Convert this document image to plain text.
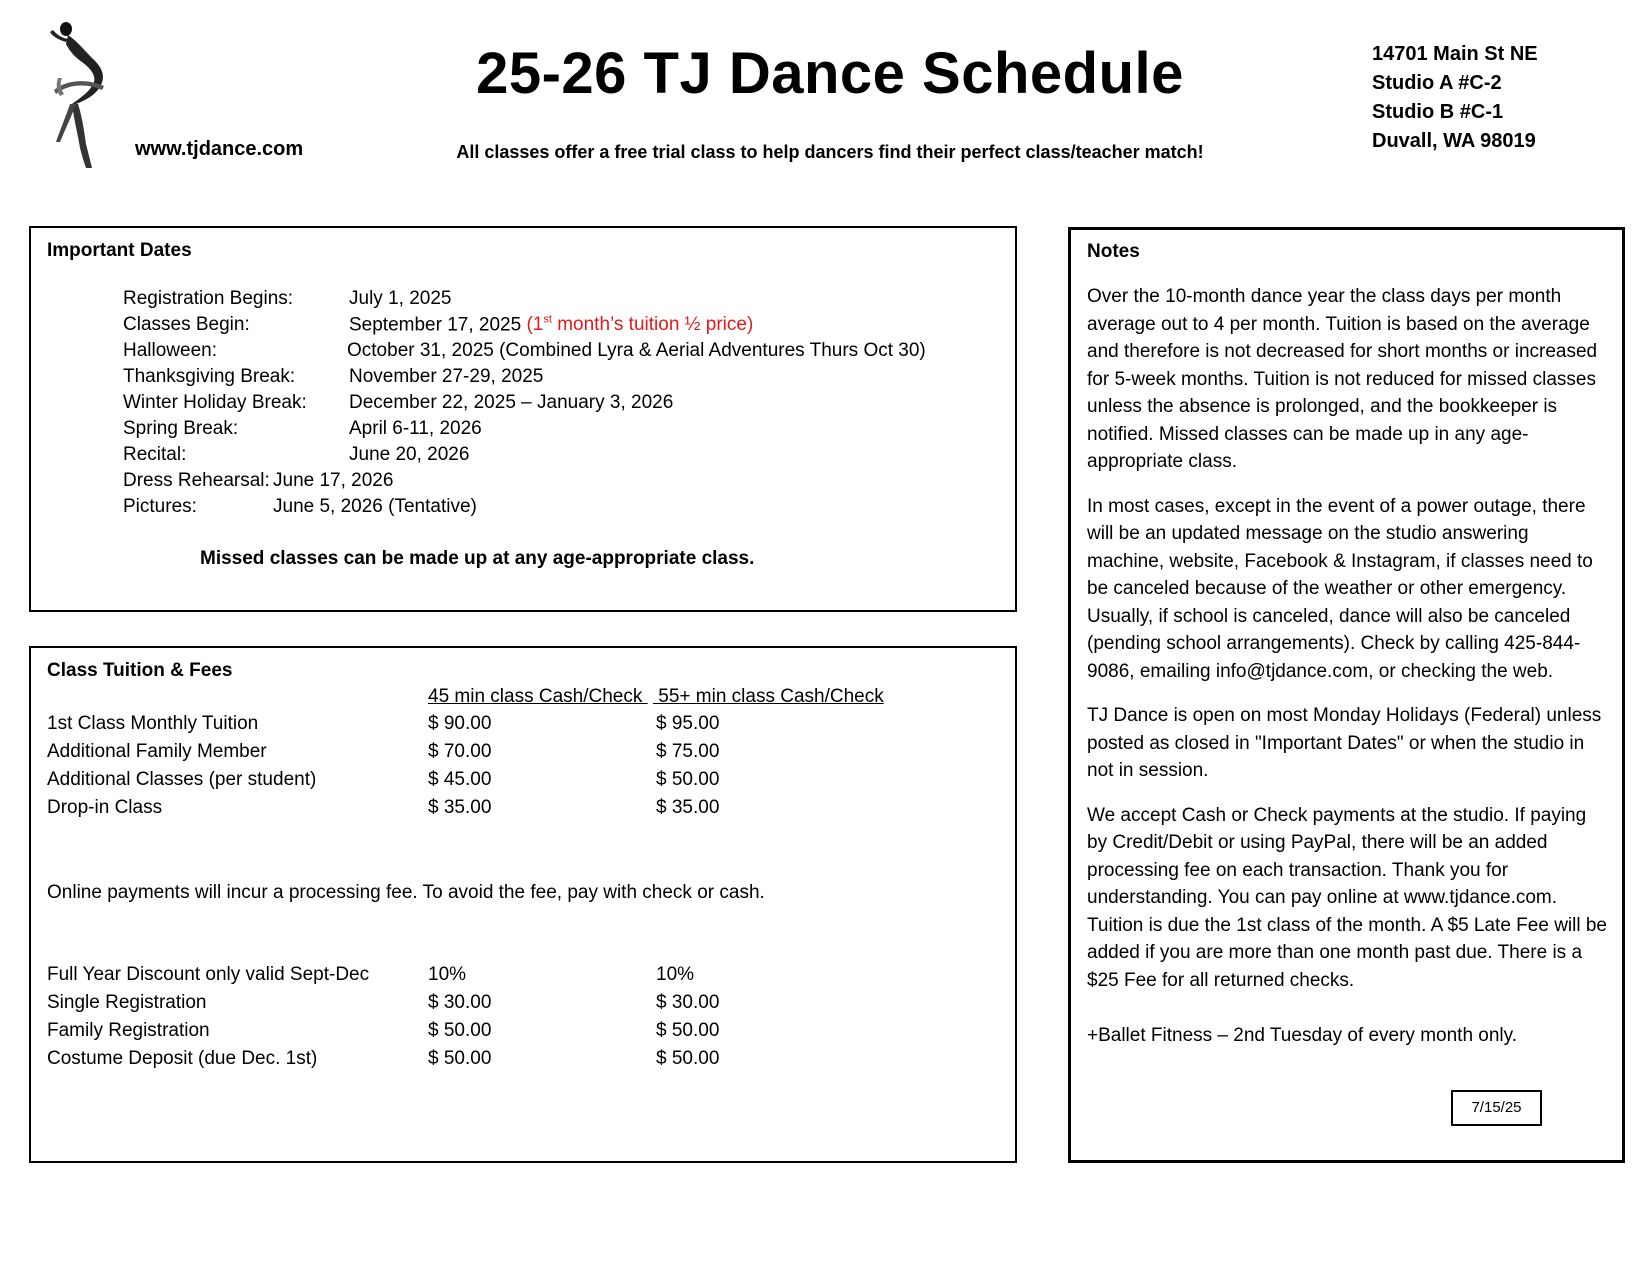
www.tjdance.com
25-26 TJ Dance Schedule
All classes offer a free trial class to help dancers find their perfect class/teacher match!
14701 Main St NE
Studio A #C-2
Studio B #C-1
Duvall, WA 98019
Important Dates
Registration Begins:	July 1, 2025
Classes Begin:	September 17, 2025 (1st month’s tuition ½ price)
Halloween:	October 31, 2025 (Combined Lyra & Aerial Adventures Thurs Oct 30)
Thanksgiving Break:	November 27-29, 2025
Winter Holiday Break: December 22, 2025 – January 3, 2026
Spring Break:	April 6-11, 2026
Recital:	June 20, 2026
Dress Rehearsal: June 17, 2026
Pictures:	June 5, 2026 (Tentative)
Missed classes can be made up at any age-appropriate class.
Class Tuition & Fees
45 min class Cash/Check 55+ min class Cash/Check
1st Class Monthly Tuition	$ 90.00	$ 95.00
Additional Family Member	$ 70.00	$ 75.00
Additional Classes (per student)	$ 45.00	$ 50.00
Drop-in Class	$ 35.00	$ 35.00
Online payments will incur a processing fee. To avoid the fee, pay with check or cash.
Full Year Discount only valid Sept-Dec	10%	10%
Single Registration	$ 30.00	$ 30.00
Family Registration	$ 50.00	$ 50.00
Costume Deposit (due Dec. 1st)	$ 50.00	$ 50.00
Notes

Over the 10-month dance year the class days per month average out to 4 per month. Tuition is based on the average and therefore is not decreased for short months or increased for 5-week months. Tuition is not reduced for missed classes unless the absence is prolonged, and the bookkeeper is notified. Missed classes can be made up in any age-appropriate class.

In most cases, except in the event of a power outage, there will be an updated message on the studio answering machine, website, Facebook & Instagram, if classes need to be canceled because of the weather or other emergency. Usually, if school is canceled, dance will also be canceled (pending school arrangements). Check by calling 425-844-9086, emailing info@tjdance.com, or checking the web.

TJ Dance is open on most Monday Holidays (Federal) unless posted as closed in "Important Dates" or when the studio in not in session.

We accept Cash or Check payments at the studio. If paying by Credit/Debit or using PayPal, there will be an added processing fee on each transaction. Thank you for understanding. You can pay online at www.tjdance.com. Tuition is due the 1st class of the month. A $5 Late Fee will be added if you are more than one month past due. There is a $25 Fee for all returned checks.

+Ballet Fitness – 2nd Tuesday of every month only.

7/15/25
